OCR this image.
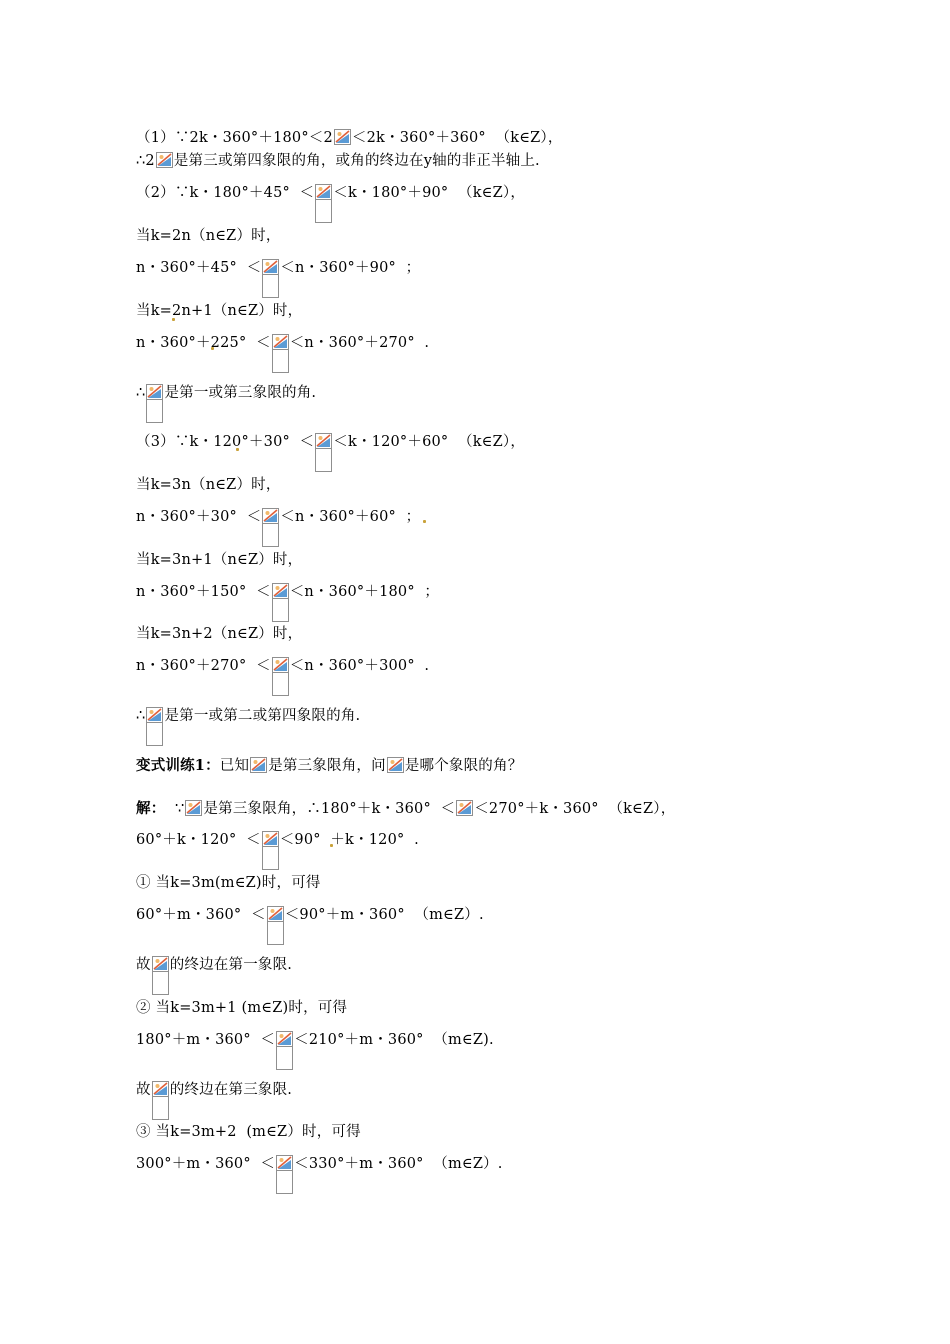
（1）∵2k・360°＋180°＜2 ＜2k・360°＋360°  （k∈Z），
∴2 是第三或第四象限的角，或角的终边在y轴的非正半轴上.
（2）∵k・180°＋45°  ＜ ＜k・180°＋90°  （k∈Z），
当k=2n（n∈Z）时，
n・360°＋45°  ＜ ＜n・360°＋90°  ；
当k=2n+1（n∈Z）时，
n・360°＋225°  ＜ ＜n・360°＋270°  .
∴ 是第一或第三象限的角.
（3）∵k・120°＋30°  ＜ ＜k・120°＋60°  （k∈Z），
当k=3n（n∈Z）时，
n・360°＋30°  ＜ ＜n・360°＋60°  ；
当k=3n+1（n∈Z）时，
n・360°＋150°  ＜ ＜n・360°＋180°  ；
当k=3n+2（n∈Z）时，
n・360°＋270°  ＜ ＜n・360°＋300°  .
∴ 是第一或第二或第四象限的角.
变式训练1：已知 是第三象限角，问 是哪个象限的角？
解：  ∵ 是第三象限角，∴180°＋k・360°  ＜ ＜270°＋k・360°  （k∈Z），
60°＋k・120°  ＜ ＜90°  ＋k・120°  .
① 当k=3m(m∈Z)时，可得
60°＋m・360°  ＜ ＜90°＋m・360°  （m∈Z）.
故 的终边在第一象限.
② 当k=3m+1 (m∈Z)时，可得
180°＋m・360°  ＜ ＜210°＋m・360°  （m∈Z).
故 的终边在第三象限.
③ 当k=3m+2  (m∈Z）时，可得
300°＋m・360°  ＜ ＜330°＋m・360°  （m∈Z）.
